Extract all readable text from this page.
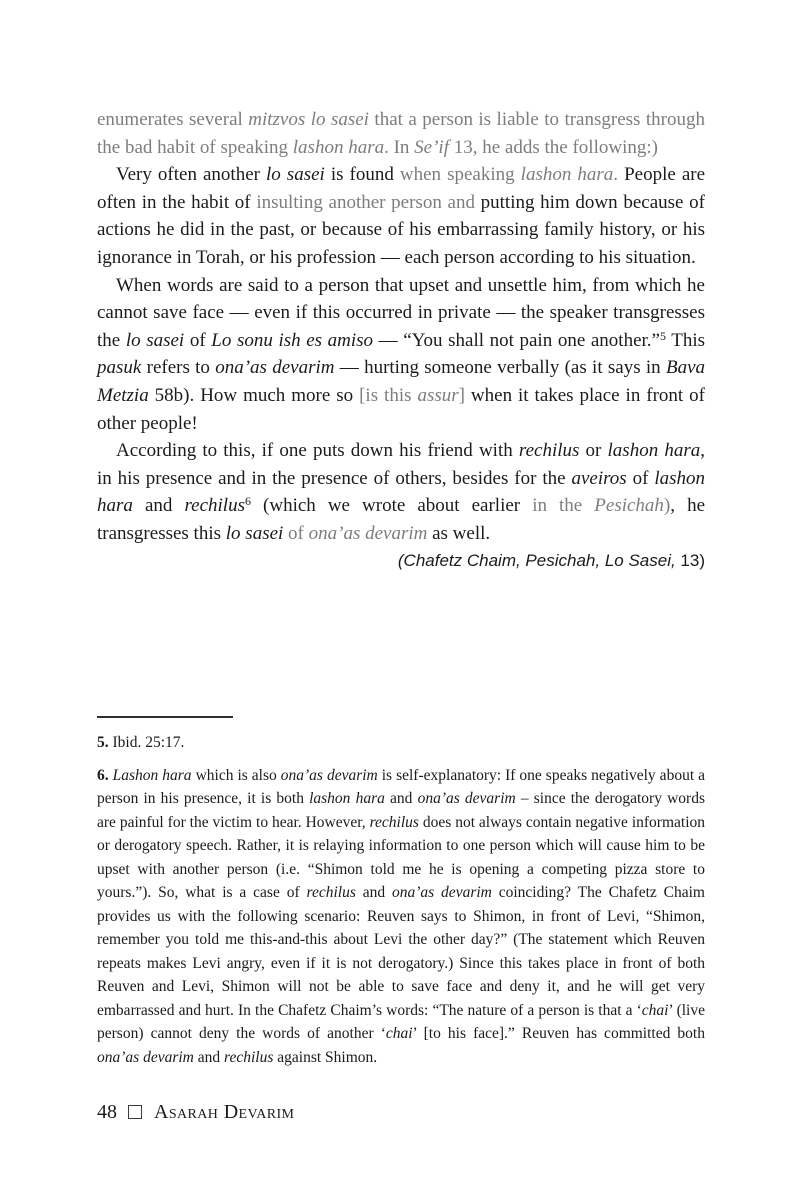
enumerates several mitzvos lo sasei that a person is liable to transgress through the bad habit of speaking lashon hara. In Se’if 13, he adds the following:)

Very often another lo sasei is found when speaking lashon hara. People are often in the habit of insulting another person and putting him down because of actions he did in the past, or because of his embarrassing family history, or his ignorance in Torah, or his profession — each person according to his situation.

When words are said to a person that upset and unsettle him, from which he cannot save face — even if this occurred in private — the speaker transgresses the lo sasei of Lo sonu ish es amiso — “You shall not pain one another.”$^5$ This pasuk refers to ona’as devarim — hurting someone verbally (as it says in Bava Metzia 58b). How much more so [is this assur] when it takes place in front of other people!

According to this, if one puts down his friend with rechilus or lashon hara, in his presence and in the presence of others, besides for the aveiros of lashon hara and rechilus$^6$ (which we wrote about earlier in the Pesichah), he transgresses this lo sasei of ona’as devarim as well.

(Chafetz Chaim, Pesichah, Lo Sasei, 13)

5. Ibid. 25:17.

6. Lashon hara which is also ona’as devarim is self-explanatory: If one speaks negatively about a person in his presence, it is both lashon hara and ona’as devarim – since the derogatory words are painful for the victim to hear. However, rechilus does not always contain negative information or derogatory speech. Rather, it is relaying information to one person which will cause him to be upset with another person (i.e. “Shimon told me he is opening a competing pizza store to yours.”). So, what is a case of rechilus and ona’as devarim coinciding? The Chafetz Chaim provides us with the following scenario: Reuven says to Shimon, in front of Levi, “Shimon, remember you told me this-and-this about Levi the other day?” (The statement which Reuven repeats makes Levi angry, even if it is not derogatory.) Since this takes place in front of both Reuven and Levi, Shimon will not be able to save face and deny it, and he will get very embarrassed and hurt. In the Chafetz Chaim’s words: “The nature of a person is that a ‘chai’ (live person) cannot deny the words of another ‘chai’ [to his face].” Reuven has committed both ona’as devarim and rechilus against Shimon.

48 Asarah Devarim
